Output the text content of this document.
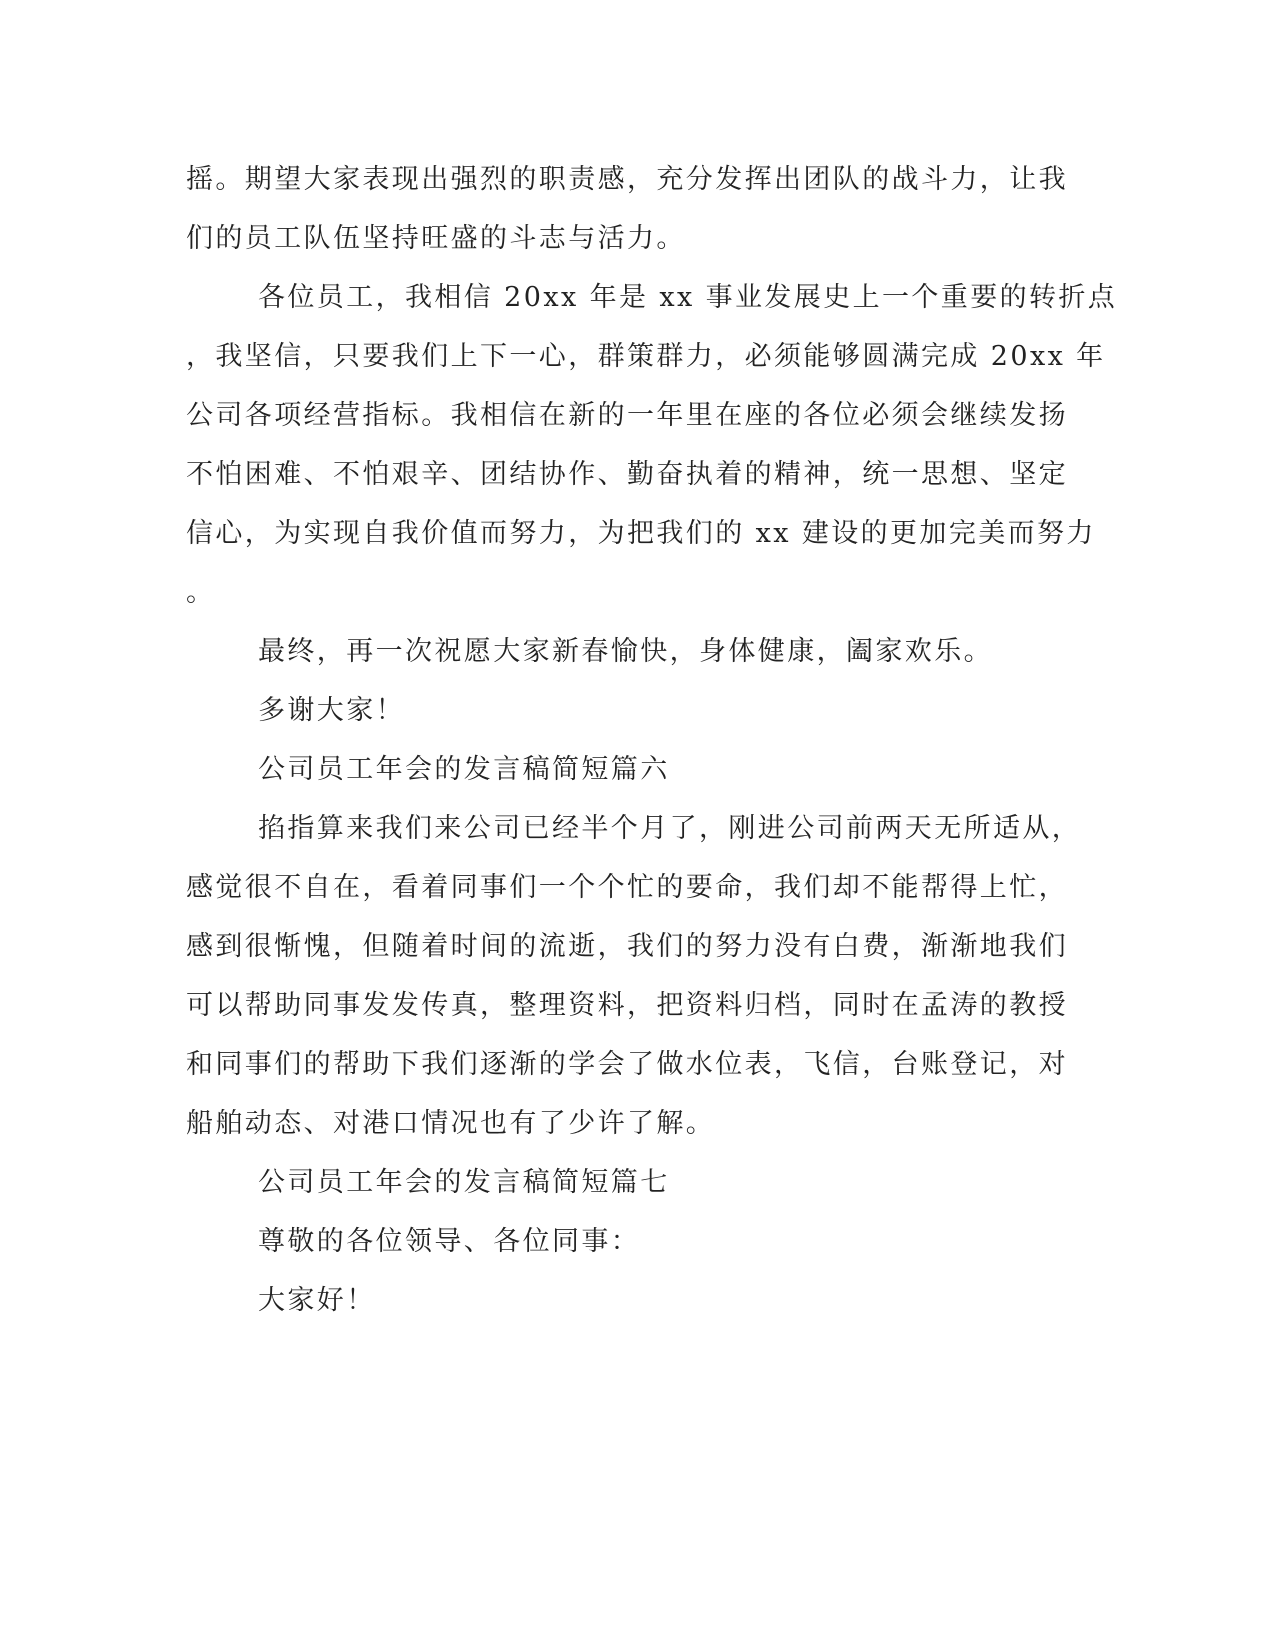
摇。期望大家表现出强烈的职责感，充分发挥出团队的战斗力，让我

们的员工队伍坚持旺盛的斗志与活力。

各位员工，我相信 20xx 年是 xx 事业发展史上一个重要的转折点

，我坚信，只要我们上下一心，群策群力，必须能够圆满完成 20xx 年

公司各项经营指标。我相信在新的一年里在座的各位必须会继续发扬

不怕困难、不怕艰辛、团结协作、勤奋执着的精神，统一思想、坚定

信心，为实现自我价值而努力，为把我们的 xx 建设的更加完美而努力

。

最终，再一次祝愿大家新春愉快，身体健康，阖家欢乐。

多谢大家！

公司员工年会的发言稿简短篇六

掐指算来我们来公司已经半个月了，刚进公司前两天无所适从，

感觉很不自在，看着同事们一个个忙的要命，我们却不能帮得上忙，

感到很惭愧，但随着时间的流逝，我们的努力没有白费，渐渐地我们

可以帮助同事发发传真，整理资料，把资料归档，同时在孟涛的教授

和同事们的帮助下我们逐渐的学会了做水位表，飞信，台账登记，对

船舶动态、对港口情况也有了少许了解。

公司员工年会的发言稿简短篇七

尊敬的各位领导、各位同事：

大家好！
